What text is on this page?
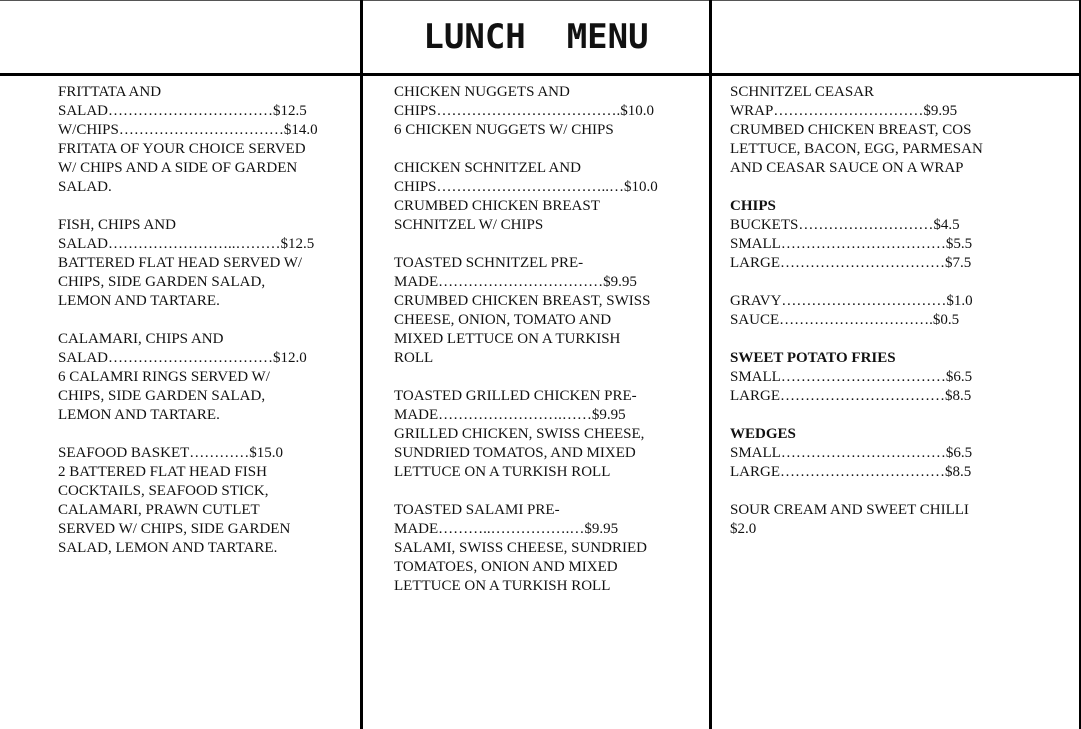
LUNCH  MENU
FRITTATA AND
SALAD……………………………$12.5
W/CHIPS……………………………$14.0
FRITATA OF YOUR CHOICE SERVED
W/ CHIPS AND A SIDE OF GARDEN
SALAD.
FISH, CHIPS AND
SALAD……………………..………$12.5
BATTERED FLAT HEAD SERVED W/
CHIPS, SIDE GARDEN SALAD,
LEMON AND TARTARE.
CALAMARI, CHIPS AND
SALAD……………………………$12.0
6 CALAMRI RINGS SERVED W/
CHIPS, SIDE GARDEN SALAD,
LEMON AND TARTARE.
SEAFOOD BASKET…………$15.0
2 BATTERED FLAT HEAD FISH
COCKTAILS, SEAFOOD STICK,
CALAMARI, PRAWN CUTLET
SERVED W/ CHIPS, SIDE GARDEN
SALAD, LEMON AND TARTARE.
CHICKEN NUGGETS AND
CHIPS……………………………….$10.0
6 CHICKEN NUGGETS W/ CHIPS
CHICKEN SCHNITZEL AND
CHIPS……………………………..…$10.0
CRUMBED CHICKEN BREAST
SCHNITZEL W/ CHIPS
TOASTED SCHNITZEL PRE-
MADE……………………………$9.95
CRUMBED CHICKEN BREAST, SWISS
CHEESE, ONION, TOMATO AND
MIXED LETTUCE ON A TURKISH
ROLL
TOASTED GRILLED CHICKEN PRE-
MADE…………………….……$9.95
GRILLED CHICKEN, SWISS CHEESE,
SUNDRIED TOMATOS, AND MIXED
LETTUCE ON A TURKISH ROLL
TOASTED SALAMI PRE-
MADE………..…………….…$9.95
SALAMI, SWISS CHEESE, SUNDRIED
TOMATOES, ONION AND MIXED
LETTUCE ON A TURKISH ROLL
SCHNITZEL CEASAR
WRAP…………………………$9.95
CRUMBED CHICKEN BREAST, COS
LETTUCE, BACON, EGG, PARMESAN
AND CEASAR SAUCE ON A WRAP
CHIPS
BUCKETS………………………$4.5
SMALL……………………………$5.5
LARGE……………………………$7.5
GRAVY……………………………$1.0
SAUCE………………………….$0.5
SWEET POTATO FRIES
SMALL……………………………$6.5
LARGE……………………………$8.5
WEDGES
SMALL……………………………$6.5
LARGE……………………………$8.5
SOUR CREAM AND SWEET CHILLI
$2.0
